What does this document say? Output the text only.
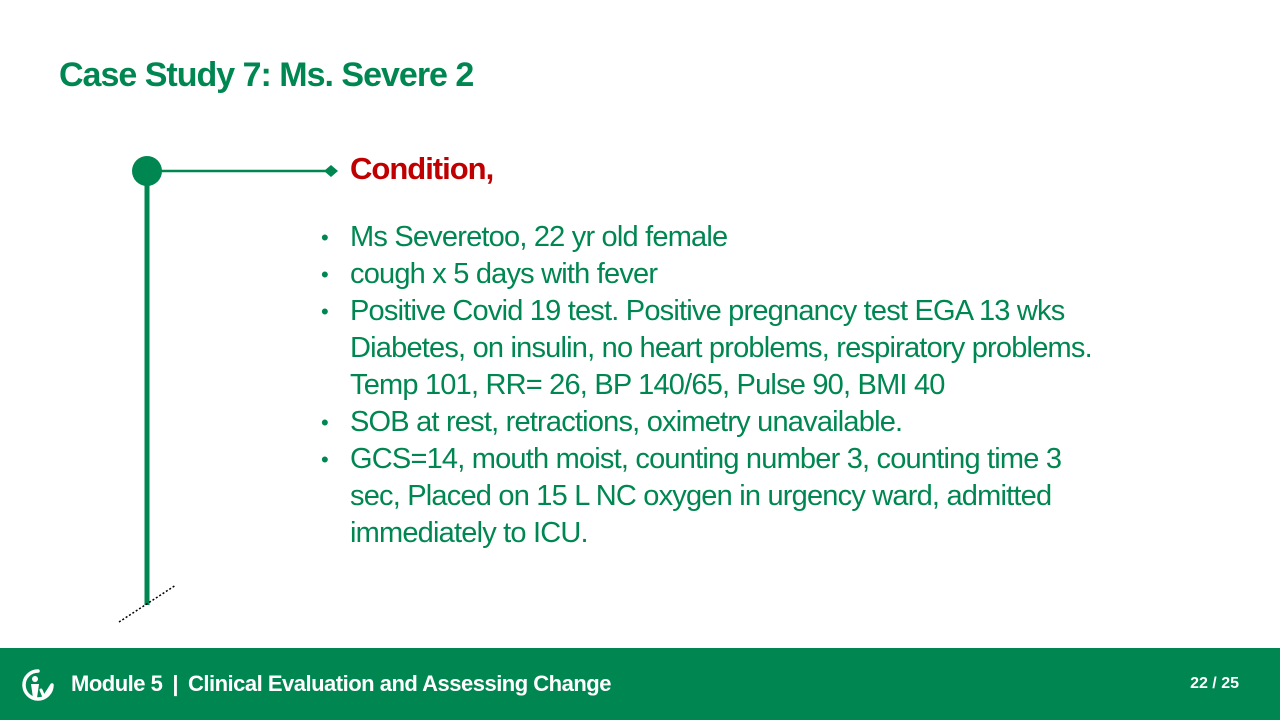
Case Study 7: Ms. Severe 2
Condition,
• Ms Severetoo, 22 yr old female
• cough x 5 days with fever
• Positive Covid 19 test. Positive pregnancy test EGA 13 wks Diabetes, on insulin, no heart problems, respiratory problems. Temp 101, RR= 26, BP 140/65, Pulse 90, BMI 40
• SOB at rest, retractions, oximetry unavailable.
• GCS=14, mouth moist, counting number 3, counting time 3 sec, Placed on 15 L NC oxygen in urgency ward, admitted immediately to ICU.
Module 5 | Clinical Evaluation and Assessing Change	22 / 25
